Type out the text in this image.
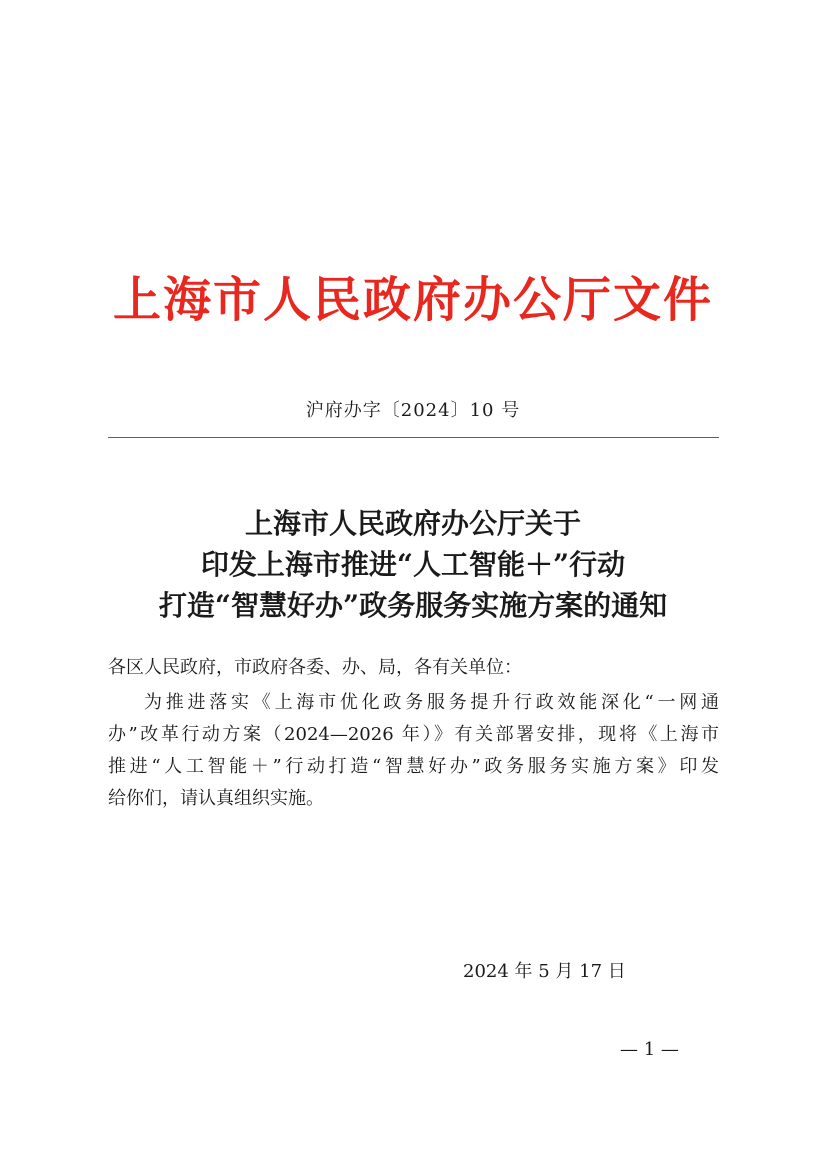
上海市人民政府办公厅文件
沪府办字〔2024〕10 号
上海市人民政府办公厅关于
印发上海市推进“人工智能＋”行动
打造“智慧好办”政务服务实施方案的通知
各区人民政府，市政府各委、办、局，各有关单位：
为推进落实《上海市优化政务服务提升行政效能深化“一网通
办”改革行动方案（2024—2026 年）》有关部署安排，现将《上海市
推进“人工智能＋”行动打造“智慧好办”政务服务实施方案》印发
给你们，请认真组织实施。
2024 年 5 月 17 日
— 1 —
